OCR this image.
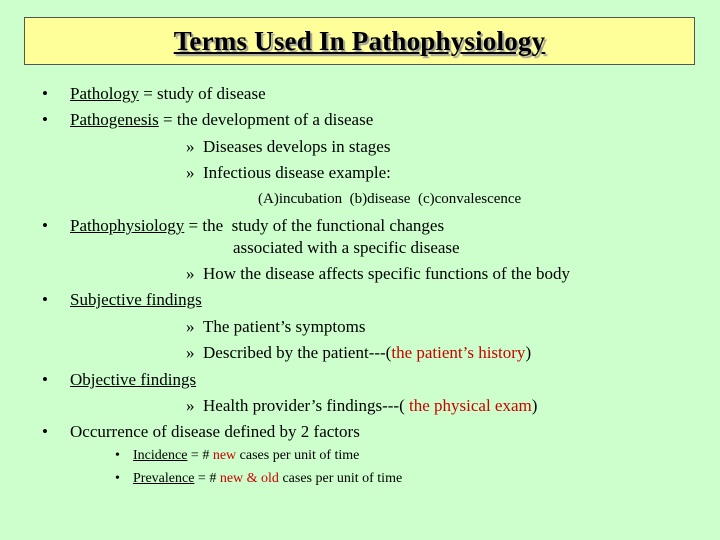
Terms Used In Pathophysiology
• Pathology = study of disease
• Pathogenesis = the development of a disease
» Diseases develops in stages
» Infectious disease example:
(A)incubation  (b)disease  (c)convalescence
• Pathophysiology = the  study of the functional changes
associated with a specific disease
» How the disease affects specific functions of the body
• Subjective findings
» The patient’s symptoms
» Described by the patient---(the patient’s history)
• Objective findings
» Health provider’s findings---( the physical exam)
• Occurrence of disease defined by 2 factors
• Incidence = # new cases per unit of time
• Prevalence = # new & old cases per unit of time
